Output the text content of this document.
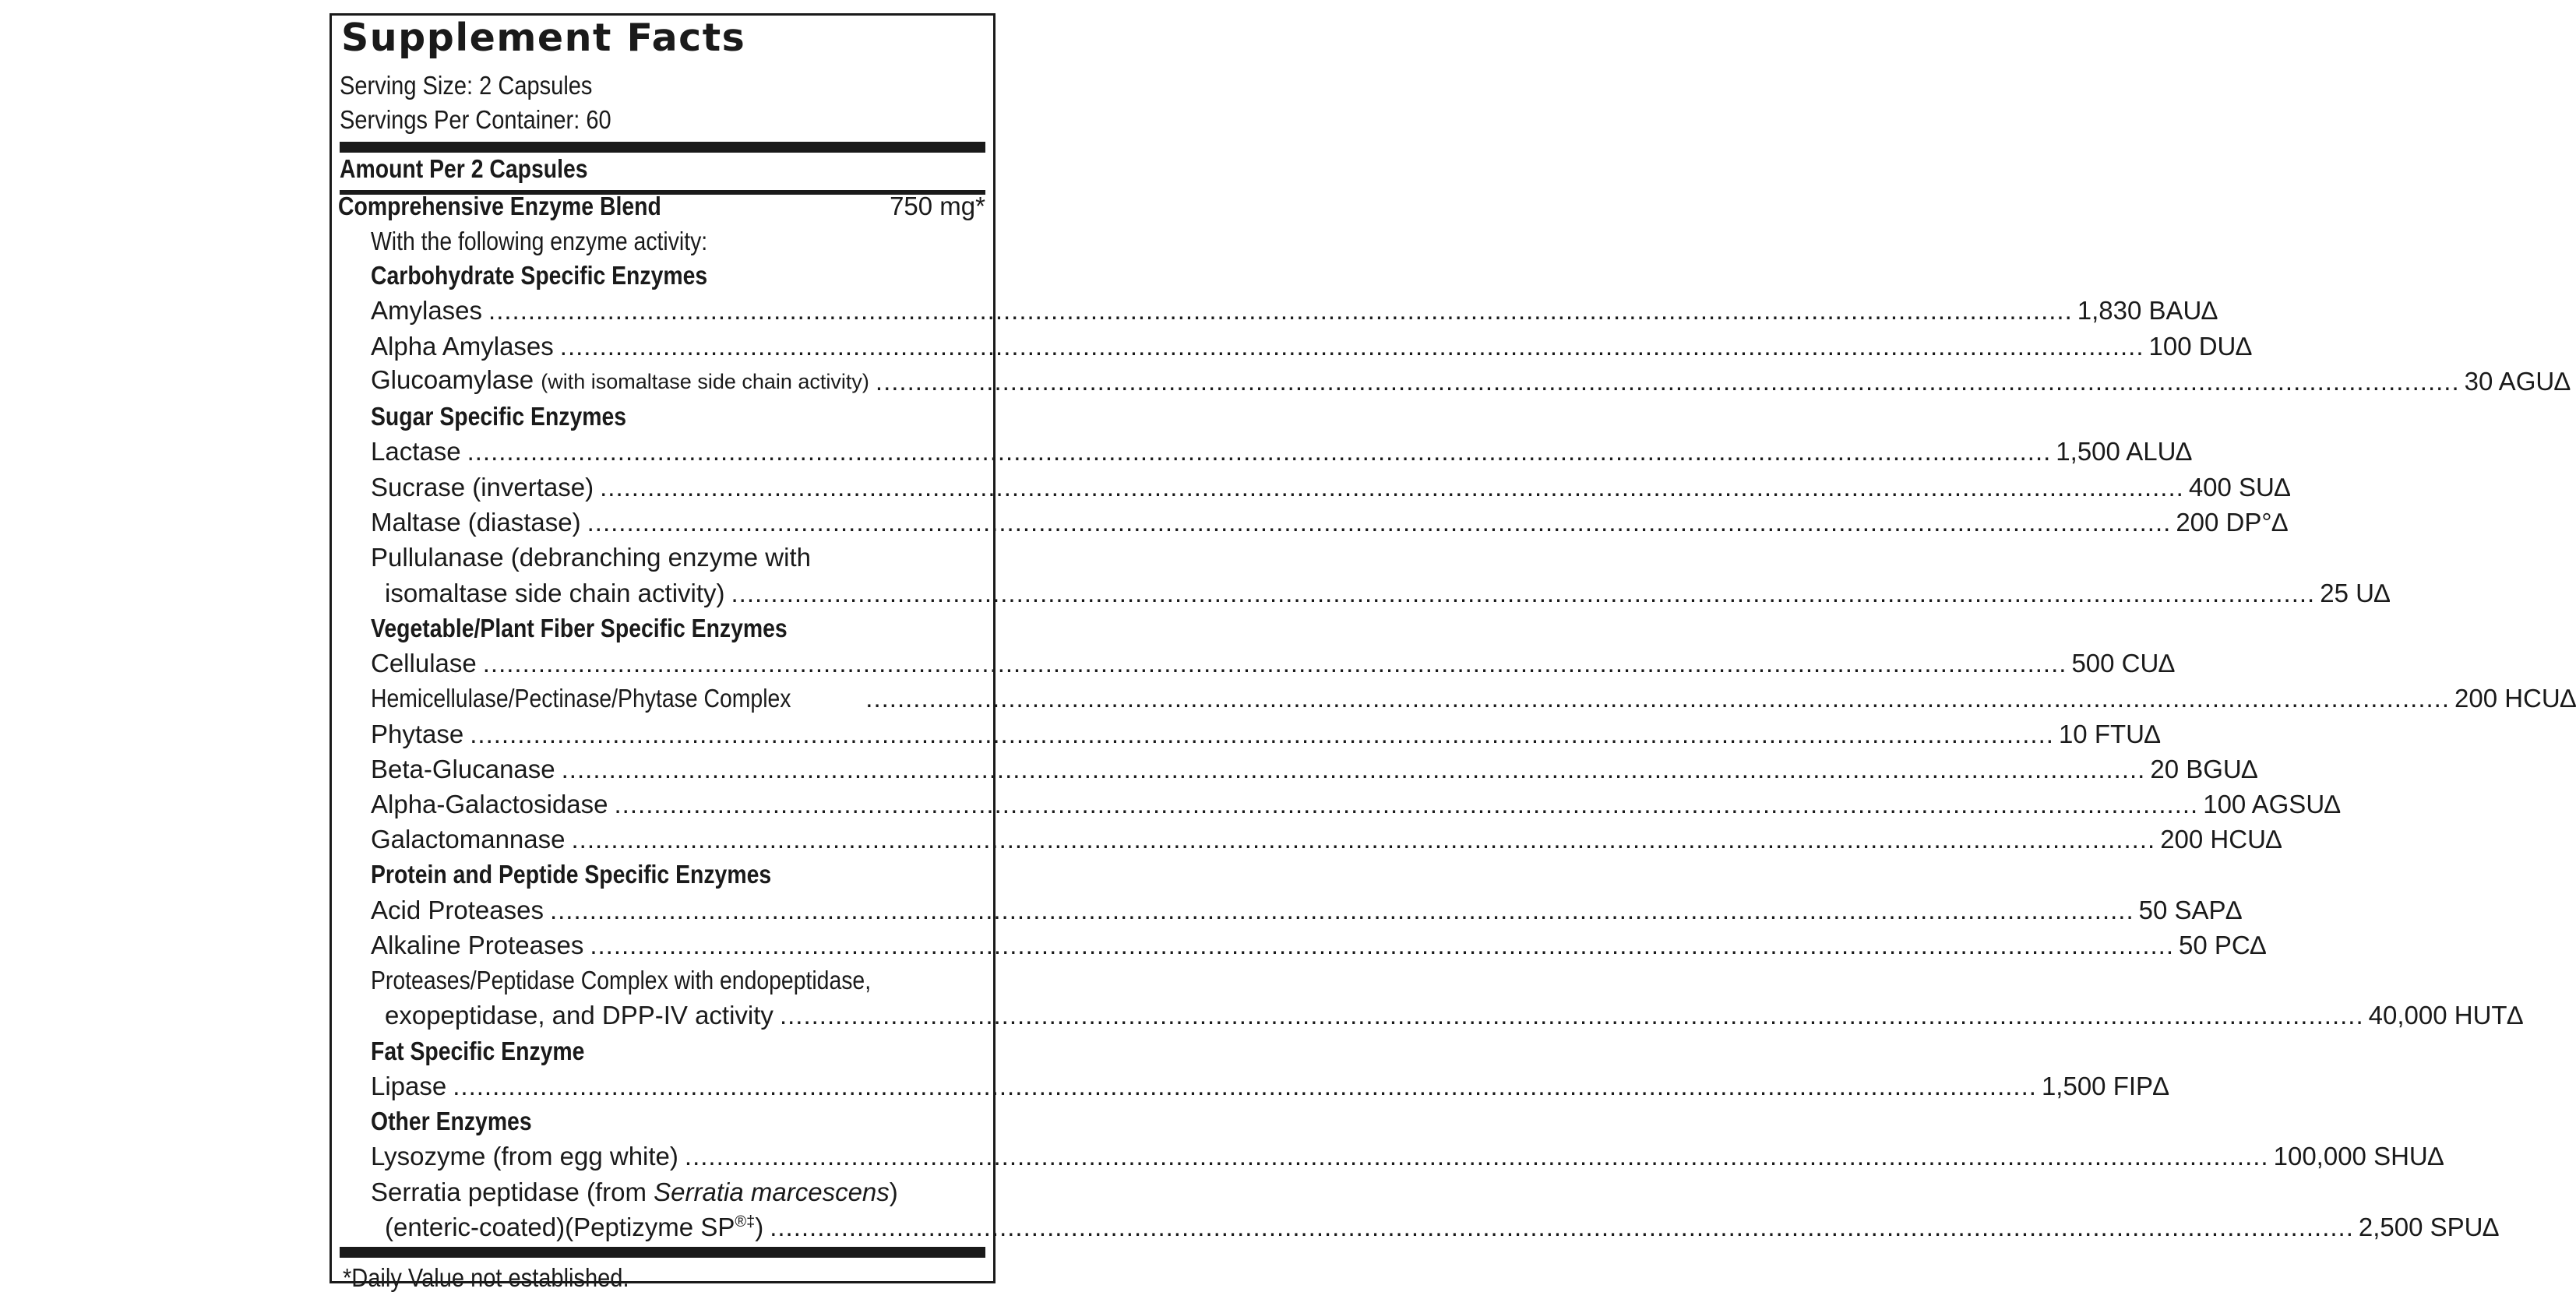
Supplement Facts
Serving Size: 2 Capsules
Servings Per Container: 60
Amount Per 2 Capsules
Comprehensive Enzyme Blend	750 mg*
With the following enzyme activity:
Carbohydrate Specific Enzymes
Amylases ........................................................................................................................................................................................................ 1,830 BAU∆
Alpha Amylases ........................................................................................................................................................................................................ 100 DU∆
Glucoamylase (with isomaltase side chain activity) ........................................................................................................................................................................................................ 30 AGU∆
Sugar Specific Enzymes
Lactase ........................................................................................................................................................................................................ 1,500 ALU∆
Sucrase (invertase) ........................................................................................................................................................................................................ 400 SU∆
Maltase (diastase) ........................................................................................................................................................................................................ 200 DP°∆
Pullulanase (debranching enzyme with
isomaltase side chain activity) ........................................................................................................................................................................................................ 25 U∆
Vegetable/Plant Fiber Specific Enzymes
Cellulase ........................................................................................................................................................................................................ 500 CU∆
Hemicellulase/Pectinase/Phytase Complex	........................................................................................................................................................................................................ 200 HCU∆
Phytase ........................................................................................................................................................................................................ 10 FTU∆
Beta-Glucanase ........................................................................................................................................................................................................ 20 BGU∆
Alpha-Galactosidase ........................................................................................................................................................................................................ 100 AGSU∆
Galactomannase ........................................................................................................................................................................................................ 200 HCU∆
Protein and Peptide Specific Enzymes
Acid Proteases ........................................................................................................................................................................................................ 50 SAP∆
Alkaline Proteases ........................................................................................................................................................................................................ 50 PC∆
Proteases/Peptidase Complex with endopeptidase,
exopeptidase, and DPP-IV activity ........................................................................................................................................................................................................ 40,000 HUT∆
Fat Specific Enzyme
Lipase ........................................................................................................................................................................................................ 1,500 FIP∆
Other Enzymes
Lysozyme (from egg white) ........................................................................................................................................................................................................ 100,000 SHU∆
Serratia peptidase (from Serratia marcescens)
(enteric-coated)(Peptizyme SP®‡) ........................................................................................................................................................................................................ 2,500 SPU∆
*Daily Value not established.
